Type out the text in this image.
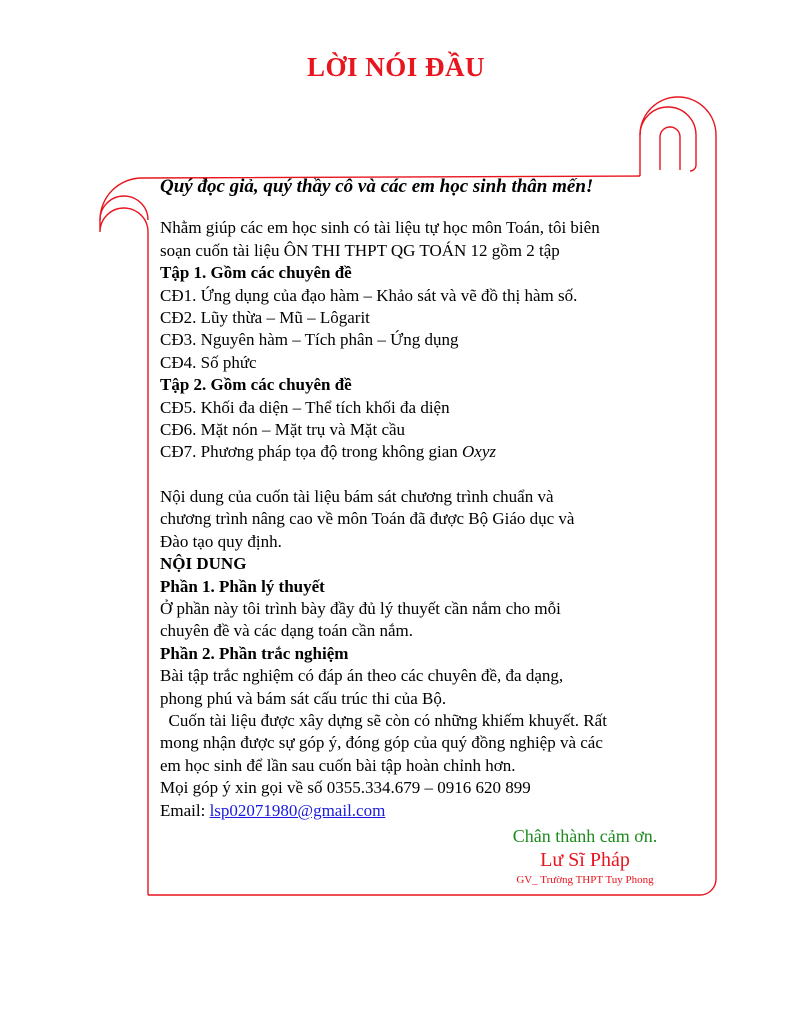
LỜI NÓI ĐẦU
Quý đọc giả, quý thầy cô và các em học sinh thân mến!
Nhằm giúp các em học sinh có tài liệu tự học môn Toán, tôi biên
soạn cuốn tài liệu ÔN THI THPT QG TOÁN 12 gồm 2 tập
Tập 1. Gồm các chuyên đề
CĐ1. Ứng dụng của đạo hàm – Khảo sát và vẽ đồ thị hàm số.
CĐ2. Lũy thừa – Mũ – Lôgarit
CĐ3. Nguyên hàm – Tích phân – Ứng dụng
CĐ4. Số phức
Tập 2. Gồm các chuyên đề
CĐ5. Khối đa diện – Thể tích khối đa diện
CĐ6. Mặt nón – Mặt trụ và Mặt cầu
CĐ7. Phương pháp tọa độ trong không gian Oxyz
Nội dung của cuốn tài liệu bám sát chương trình chuẩn và
chương trình nâng cao về môn Toán đã được Bộ Giáo dục và
Đào tạo quy định.
NỘI DUNG
Phần 1. Phần lý thuyết
Ở phần này tôi trình bày đầy đủ lý thuyết cần nắm cho mỗi
chuyên đề và các dạng toán cần nắm.
Phần 2. Phần trắc nghiệm
Bài tập trắc nghiệm có đáp án theo các chuyên đề, đa dạng,
phong phú và bám sát cấu trúc thi của Bộ.
Cuốn tài liệu được xây dựng sẽ còn có những khiếm khuyết. Rất
mong nhận được sự góp ý, đóng góp của quý đồng nghiệp và các
em học sinh để lần sau cuốn bài tập hoàn chỉnh hơn.
Mọi góp ý xin gọi về số 0355.334.679 – 0916 620 899
Email: lsp02071980@gmail.com
Chân thành cảm ơn.
Lư Sĩ Pháp
GV_ Trường THPT Tuy Phong
